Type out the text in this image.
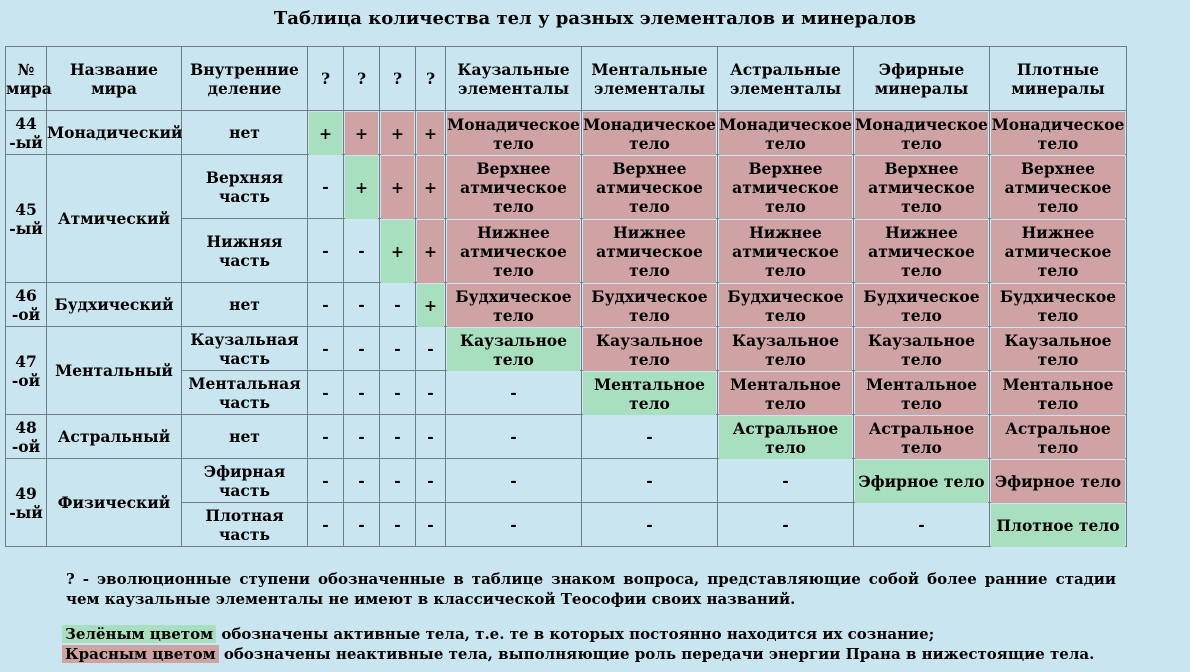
Таблица количества тел у разных элементалов и минералов
№ мира	Название мира	Внутренние деление	?	?	?	?	Каузальные элементалы	Ментальные элементалы	Астральные элементалы	Эфирные минералы	Плотные минералы
44 -ый	Монадический	нет	+	+	+	+	Монадическое тело	Монадическое тело	Монадическое тело	Монадическое тело	Монадическое тело

45 -ый	Атмический	Верхняя часть	-	+	+	+	Верхнее атмическое тело	Верхнее атмическое тело	Верхнее атмическое тело	Верхнее атмическое тело	Верхнее атмическое тело

		Нижняя часть	-	-	+	+	Нижнее атмическое тело	Нижнее атмическое тело	Нижнее атмическое тело	Нижнее атмическое тело	Нижнее атмическое тело

46 -ой	Будхический	нет	-	-	-	+	Будхическое тело	Будхическое тело	Будхическое тело	Будхическое тело	Будхическое тело

47 -ой	Ментальный	Каузальная часть	-	-	-	-	Каузальное тело	Каузальное тело	Каузальное тело	Каузальное тело	Каузальное тело

		Ментальная часть	-	-	-	-	-	Ментальное тело	Ментальное тело	Ментальное тело	Ментальное тело

48 -ой	Астральный	нет	-	-	-	-	-	-	Астральное тело	Астральное тело	Астральное тело

49 -ый	Физический	Эфирная часть	-	-	-	-	-	-	-	Эфирное тело	Эфирное тело

		Плотная часть	-	-	-	-	-	-	-	-	Плотное тело
? - эволюционные ступени обозначенные в таблице знаком вопроса, представляющие собой более ранние стадии чем каузальные элементалы не имеют в классической Теософии своих названий.
Зелёным цветом обозначены активные тела, т.е. те в которых постоянно находится их сознание;
Красным цветом обозначены неактивные тела, выполняющие роль передачи энергии Прана в нижестоящие тела.
